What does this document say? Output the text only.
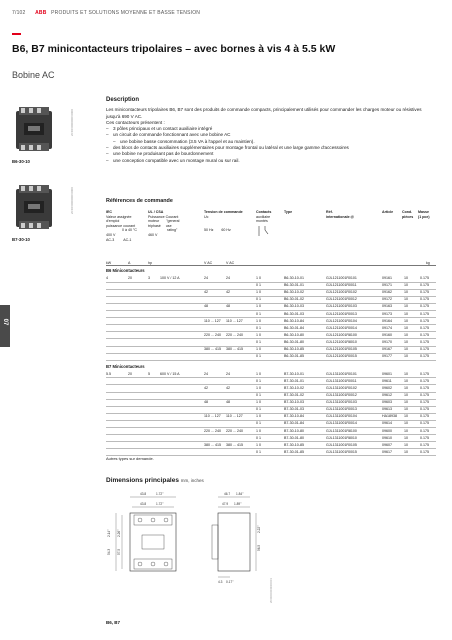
7/102 ABB PRODUITS ET SOLUTIONS MOYENNE ET BASSE TENSION
B6, B7 minicontacteurs tripolaires – avec bornes à vis 4 à 5.5 kW
Bobine AC
2CDC000000C0000
B6-30-10
2CDC000000C0000
B7-30-10
Description

Les minicontacteurs tripolaires B6, B7 sont des produits de commande compacts, principalement utilisés pour commander les charges moteur ou résistives jusqu'à 690 V AC.

Ces contacteurs présentent :

– 3 pôles principaux et un contact auxiliaire intégré
– un circuit de commande fonctionnant avec une bobine AC
– une bobine basse consommation (3.5 VA à l'appel et au maintien).
– des blocs de contacts auxiliaires supplémentaires pour montage frontal ou latéral et une large gamme d'accessoires
– une bobine ne produisant pas de bourdonnement
– une conception compatible avec un montage mural ou sur rail.
Références de commande
IEC
Valeur assignée
d'emploi
puissance courant
0 à 40 °C
400 V
AC-3	AC-1
UL / CSA
Puissance Courant
moteur "general
triphasé use
rating"
460 V
Tension de commande
Uc
50 Hz 60 Hz
Contacts
auxiliaire
montés
Type	Réf.
internationale @
Article Cond.
pièces
Masse
(1 pce)
kW	A	hp	V AC	V AC	kg
B6 Minicontacteurs
4	20	3	100 V / 12 A	24	24	1 0	B6-30-10-01	GJL1211001R0101	09161	10	0.175
0 1	B6-30-01-01	GJL1211001R0011	09171	10	0.175
42	42	1 0	B6-30-10-02	GJL1211001R0102	09162	10	0.175
0 1	B6-30-01-02	GJL1211001R0012	09172	10	0.175
48	48	1 0	B6-30-10-03	GJL1211001R0103	09163	10	0.175
0 1	B6-30-01-03	GJL1211001R0013	09173	10	0.175
110 ... 127 110 ... 127	1 0	B6-30-10-84	GJL1211001R0104	09164	10	0.175
0 1	B6-30-01-84	GJL1211001R0014	09174	10	0.175
220 ... 240 220 ... 240	1 0	B6-30-10-80	GJL1211001R8100	09160	10	0.175
0 1	B6-30-01-80	GJL1211001R8010	09170	10	0.175
380 ... 415 380 ... 415	1 0	B6-30-10-85	GJL1211001R0105	09167	10	0.175
0 1	B6-30-01-85	GJL1211001R0015	09177	10	0.175
B7 Minicontacteurs
5.5	20	5	600 V / 15 A	24	24	1 0	B7-30-10-01	GJL1311001R0101	09601	10	0.175
0 1	B7-30-01-01	GJL1311001R0011	09611	10	0.175
42	42	1 0	B7-30-10-02	GJL1311001R0102	09602	10	0.175
0 1	B7-30-01-02	GJL1311001R0012	09612	10	0.175
48	48	1 0	B7-30-10-03	GJL1311001R0103	09603	10	0.175
0 1	B7-30-01-03	GJL1311001R0013	09613	10	0.175
110 ... 127 110 ... 127	1 0	B7-30-10-84	GJL1311001R0104	HA18938 10	0.175
0 1	B7-30-01-84	GJL1311001R0014	09614	10	0.175
220 ... 240 220 ... 240	1 0	B7-30-10-80	GJL1311001R8100	09600	10	0.175
0 1	B7-30-01-80	GJL1311001R8010	09610	10	0.175
380 ... 415 380 ... 415	1 0	B7-30-10-85	GJL1311001R0105	09607	10	0.175
0 1	B7-30-01-85	GJL1311001R0015	09617	10	0.175
Autres types sur demande.
Dimensions principales mm, inches
43.8	1.72"
43.8	1.72"
46.7 1.84"
47.9 1.89"
54.3
2.14"
57.5
2.26"
56.5
2.22"
4.3 0.17"	2CDC000000F0001
B6, B7
07
